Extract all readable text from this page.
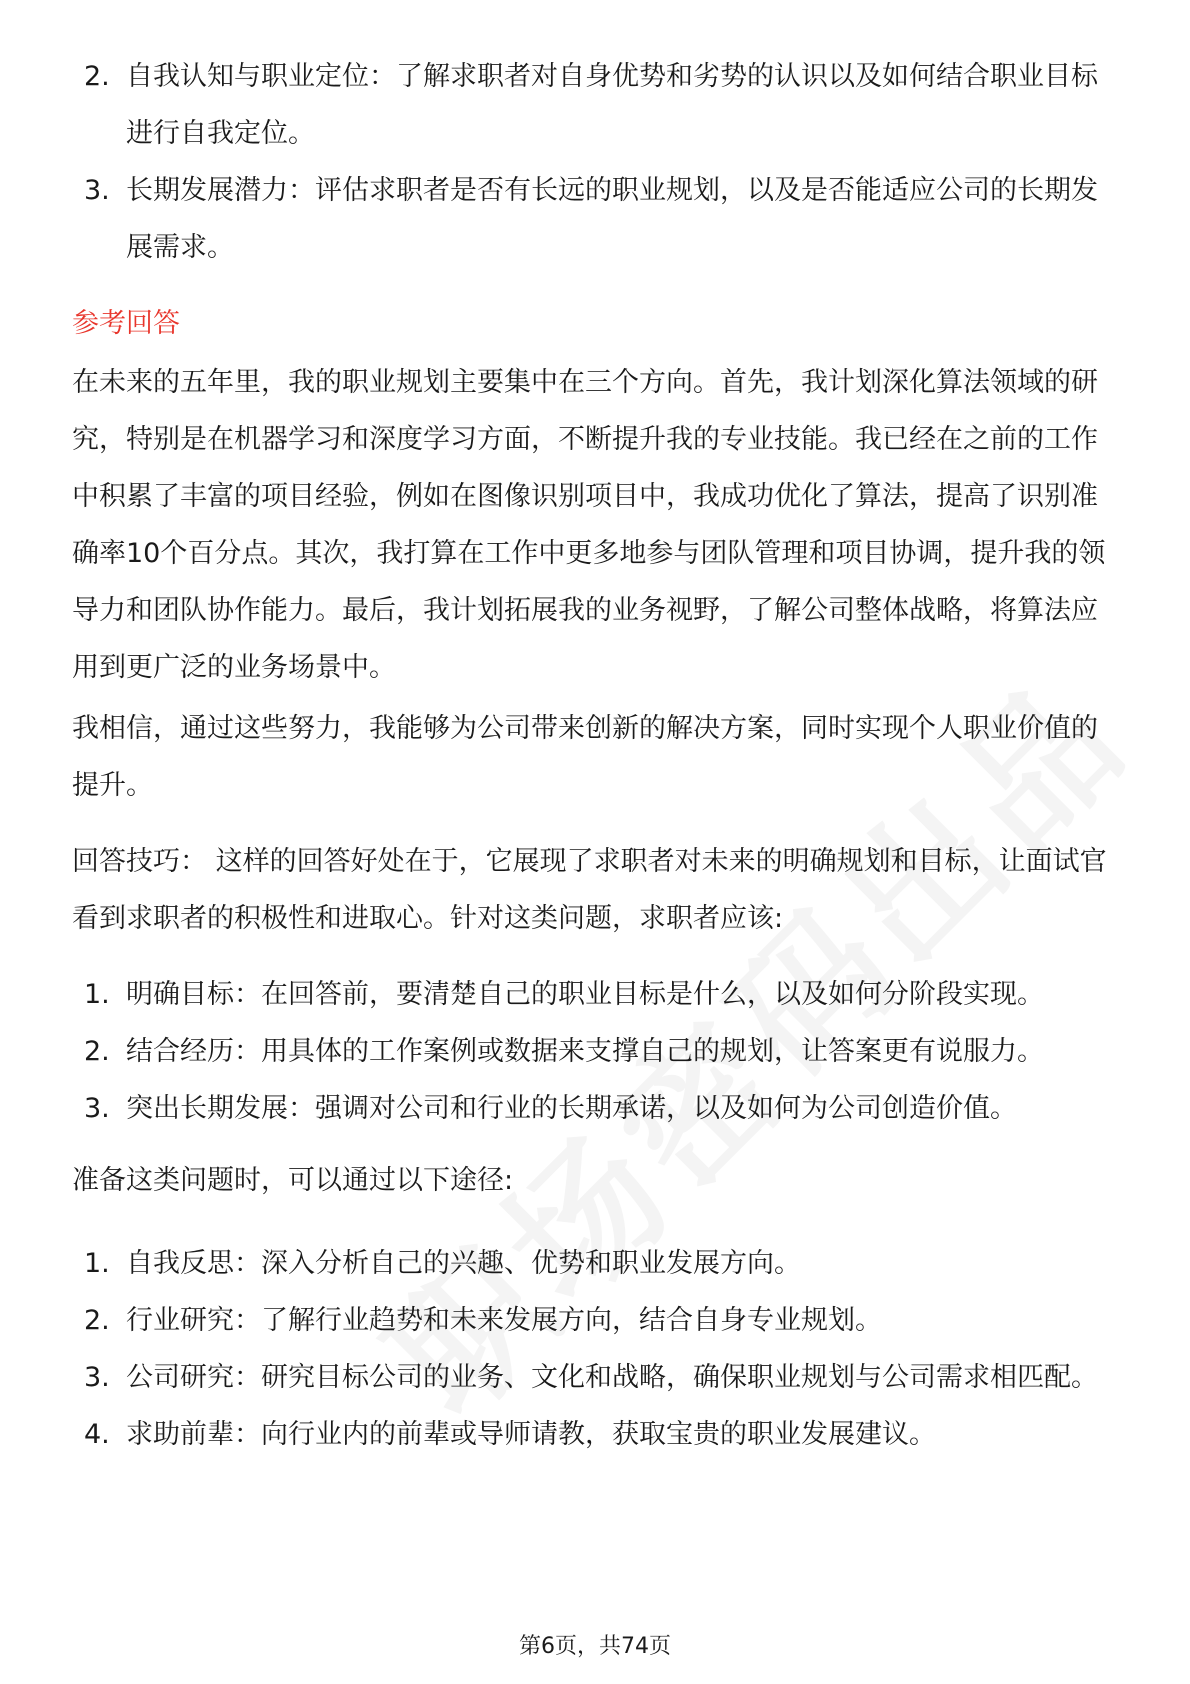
2. 自我认知与职业定位：了解求职者对自身优势和劣势的认识以及如何结合职业目标进行自我定位。
3. 长期发展潜力：评估求职者是否有长远的职业规划，以及是否能适应公司的长期发展需求。
参考回答

在未来的五年里，我的职业规划主要集中在三个方向。首先，我计划深化算法领域的研究，特别是在机器学习和深度学习方面，不断提升我的专业技能。我已经在之前的工作中积累了丰富的项目经验，例如在图像识别项目中，我成功优化了算法，提高了识别准确率10个百分点。其次，我打算在工作中更多地参与团队管理和项目协调，提升我的领导力和团队协作能力。最后，我计划拓展我的业务视野，了解公司整体战略，将算法应用到更广泛的业务场景中。

我相信，通过这些努力，我能够为公司带来创新的解决方案，同时实现个人职业价值的提升。

回答技巧： 这样的回答好处在于，它展现了求职者对未来的明确规划和目标，让面试官看到求职者的积极性和进取心。针对这类问题，求职者应该:

1. 明确目标：在回答前，要清楚自己的职业目标是什么，以及如何分阶段实现。
2. 结合经历：用具体的工作案例或数据来支撑自己的规划，让答案更有说服力。
3. 突出长期发展：强调对公司和行业的长期承诺，以及如何为公司创造价值。

准备这类问题时，可以通过以下途径:

1. 自我反思：深入分析自己的兴趣、优势和职业发展方向。
2. 行业研究：了解行业趋势和未来发展方向，结合自身专业规划。
3. 公司研究：研究目标公司的业务、文化和战略，确保职业规划与公司需求相匹配。
4. 求助前辈：向行业内的前辈或导师请教，获取宝贵的职业发展建议。
第6页，共74页
